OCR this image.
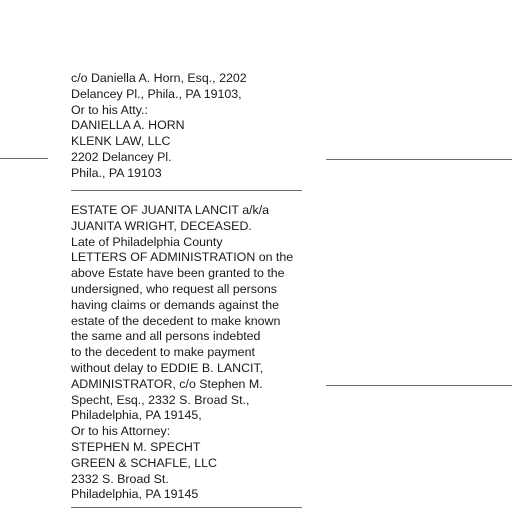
c/o Daniella A. Horn, Esq., 2202
Delancey Pl., Phila., PA 19103,
Or to his Atty.:
DANIELLA A. HORN
KLENK LAW, LLC
2202 Delancey Pl.
Phila., PA 19103
ESTATE OF JUANITA LANCIT a/k/a
JUANITA WRIGHT, DECEASED.
Late of Philadelphia County
LETTERS OF ADMINISTRATION on the
above Estate have been granted to the
undersigned, who request all persons
having claims or demands against the
estate of the decedent to make known
the same and all persons indebted
to the decedent to make payment
without delay to EDDIE B. LANCIT,
ADMINISTRATOR, c/o Stephen M.
Specht, Esq., 2332 S. Broad St.,
Philadelphia, PA 19145,
Or to his Attorney:
STEPHEN M. SPECHT
GREEN & SCHAFLE, LLC
2332 S. Broad St.
Philadelphia, PA 19145
